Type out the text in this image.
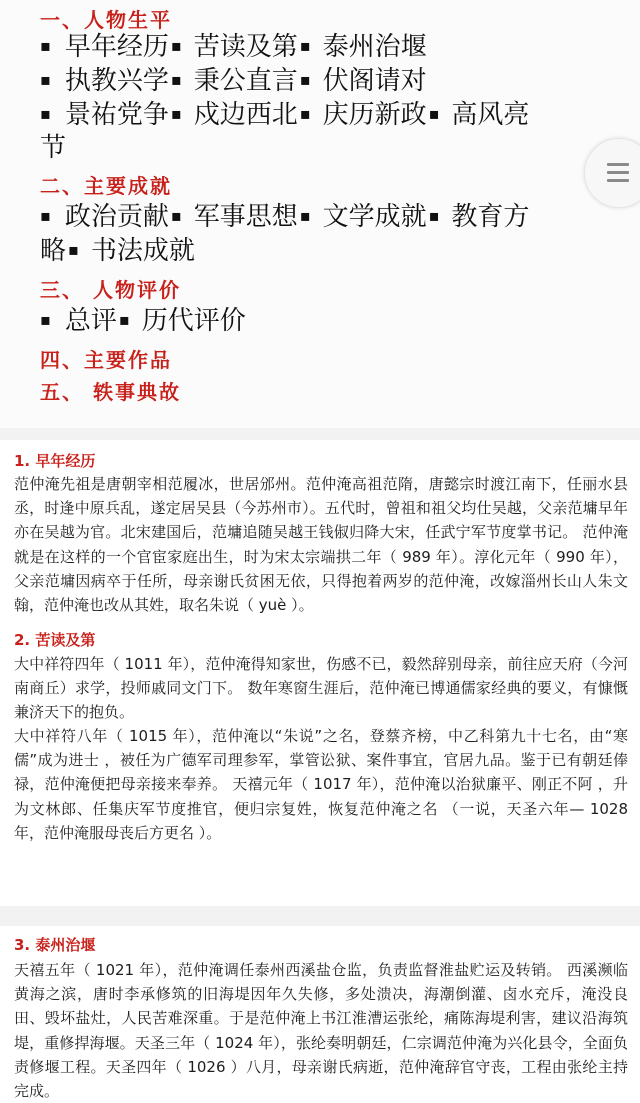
一、人物生平
▪ 早年经历 ▪ 苦读及第 ▪ 泰州治堰
▪ 执教兴学 ▪ 秉公直言 ▪ 伏阁请对
▪ 景祐党争 ▪ 戍边西北 ▪ 庆历新政 ▪ 高风亮
节
二、主要成就
▪ 政治贡献 ▪ 军事思想 ▪ 文学成就 ▪ 教育方
略 ▪ 书法成就
三、 人物评价
▪ 总评 ▪ 历代评价
四、主要作品
五、 轶事典故
1. 早年经历
范仲淹先祖是唐朝宰相范履冰，世居邠州。范仲淹高祖范隋，唐懿宗时渡江南下，任丽水县丞，时逢中原兵乱，遂定居吴县（今苏州市）。五代时，曾祖和祖父均仕吴越，父亲范墉早年亦在吴越为官。北宋建国后，范墉追随吴越王钱俶归降大宋，任武宁军节度掌书记。 范仲淹就是在这样的一个官宦家庭出生，时为宋太宗端拱二年（ 989 年）。淳化元年（ 990 年），父亲范墉因病卒于任所，母亲谢氏贫困无依，只得抱着两岁的范仲淹，改嫁淄州长山人朱文翰，范仲淹也改从其姓，取名朱说（ yuè ）。
2. 苦读及第
大中祥符四年（ 1011 年），范仲淹得知家世，伤感不已，毅然辞别母亲，前往应天府（今河南商丘）求学，投师戚同文门下。 数年寒窗生涯后，范仲淹已博通儒家经典的要义，有慷慨兼济天下的抱负。
大中祥符八年（ 1015 年），范仲淹以“朱说”之名，登蔡齐榜，中乙科第九十七名，由“寒儒”成为进士 ，被任为广德军司理参军，掌管讼狱、案件事宜，官居九品。鉴于已有朝廷俸禄，范仲淹便把母亲接来奉养。 天禧元年（ 1017 年），范仲淹以治狱廉平、刚正不阿 ，升为文林郎、任集庆军节度推官，便归宗复姓，恢复范仲淹之名 （一说，天圣六年— 1028 年，范仲淹服母丧后方更名 ）。
3. 泰州治堰
天禧五年（ 1021 年），范仲淹调任泰州西溪盐仓监，负责监督淮盐贮运及转销。 西溪濒临黄海之滨，唐时李承修筑的旧海堤因年久失修，多处溃决，海潮倒灌、卤水充斥，淹没良田、毁坏盐灶，人民苦难深重。于是范仲淹上书江淮漕运张纶，痛陈海堤利害，建议沿海筑堤，重修捍海堰。天圣三年（ 1024 年），张纶奏明朝廷，仁宗调范仲淹为兴化县令，全面负责修堰工程。天圣四年（ 1026 ）八月，母亲谢氏病逝，范仲淹辞官守丧，工程由张纶主持完成。
